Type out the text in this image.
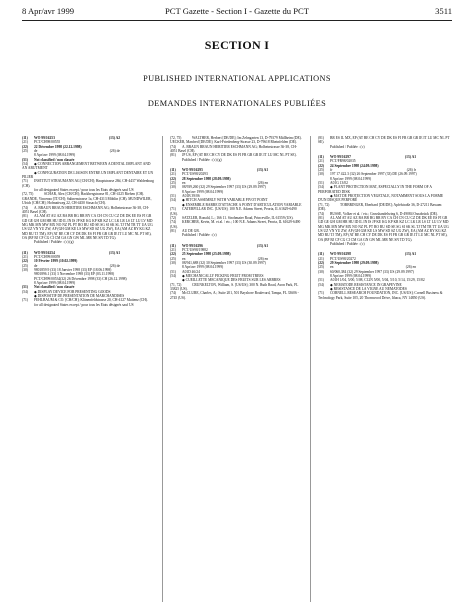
8 Apr/avr 1999	PCT Gazette - Section I - Gazette du PCT	3511
SECTION I
PUBLISHED INTERNATIONAL APPLICATIONS
DEMANDES INTERNATIONALES PUBLIÉES
(11)	(13) A2
WO 99/16253
(21) PCT/CH98/00555
(22) 22 Décembre 1998 (22.12.1998)
(25)	(26) de
de
8 Apr/avr 1999 (08.04.1999)
(51) Not classified / non classée
(54) ◆ CONNECTION ARRANGEMENT BETWEEN A DENTAL IMPLANT AND AN ABUTMENT
◆ CONFIGURATION DE LIAISON ENTRE UN IMPLANT DENTAIRE ET UN PILIER
(71) INSTITUT STRAUMANN AG [CH/CH]; Hauptstrasse 28d, CH-4437 Waldenburg (CH).
for all designated States except / pour tous les États désignés sauf US
(72, 75)	SCHÄR, Alex [CH/CH]; Hackbergstrasse 81, CH-4125 Riehen (CH). GRANDE, Vincenzo [IT/CH]; Salinenstrasse 1a, CH-4313 Möhlin (CH). MUNDWILER, Ulrich [CH/CH]; Hofmattweg 22, CH-4450 Sissach (CH).
(74) A. BRAUN BRAUN HERITIER ESCHMANN AG; Holbeinstrasse 36-38, CH-4051 Basel (CH).
(81) AL AM AT AU AZ BA BB BG BR BY CA CH CN CU CZ DE DK EE ES FI GB GD GE GH GM HR HU ID IL IN IS JP KE KG KP KR KZ LC LK LR LS LT LU LV MD MG MK MN MW MX NO NZ PL PT RO RU SD SE SG SI SK SL TJ TM TR TT UA UG US UZ VN YU ZW, AP (GH GM KE LS MW SD SZ UG ZW), EA (AM AZ BY KG KZ MD RU TJ TM), EP (AT BE CH CY DE DK ES FI FR GB GR IE IT LU MC NL PT SE), OA (BF BJ CF CG CI CM GA GN GW ML MR NE SN TD TG).
Published / Publiée : (c) (g)
(11)	(13) A1
WO 99/16254
(21) PCT/CH99/00059
(22) 10 Février 1999 (10.02.1999)
(25)	(26) de
de
(30) 9801859.9 (33) 18 Janvier 1998 (33) EP (18.06.1998)
9801896.1 (33) 3 Novembre 1998 (33) EP (03.11.1998)
PCT/CH99/00534(32) 26 Décembre 1998 (33) CH (26.12.1998)
8 Apr/avr 1999 (08.04.1999)
(51) Not classified / non classée
(54) ◆ DISPLAY DEVICE FOR PRESENTING GOODS
◆ DISPOSITIF DE PRÉSENTATION DE MARCHANDISES
(71) FEHLBAUM & CO. [CH/CH]; Klünenfeldstrasse 20, CH-4127 Muttenz (CH).
for all designated States except / pour tous les États désignés sauf US
(72, 75)	WALTHER, Herbert [DE/DE]; Im Zehngarten 13, D-79379 Müllheim (DE). UECKER, Manfred [DE/DE]; Karl-Friedenberg-Strasse 23, D-79618 Rheinfelden (DE).
(74) A. BRAUN BRAUN HERITIER ESCHMANN AG; Holbeinstrasse 36-38, CH-4051 Basel (CH).
(81) JP US, EP (AT BE CH CY DE DK ES FI FR GB GR IE IT LU MC NL PT SE).
Published / Publiée : (c) (g)
(11)	(13) A1
WO 99/16295
(21) PCT/US98/20293
(22) 28 Septembre 1998 (28.09.1998)
(25)	(26) en
en
(30) 08/939,260 (32) 29 September 1997 (33) US (29.09.1997)
8 Apr/avr 1999 (08.04.1999)
(51) A01B 39/06
(54) ◆ HITCH ASSEMBLY WITH VARIABLE PIVOT POINT
◆ ENSEMBLE BARRE D'ATTACHE À POINT D'ARTICULATION VARIABLE
(71) CATERPILLAR INC. [US/US]; 100 N.E. Adams Street, Peoria, IL 61629-6490 (US).
(72) SATZLER, Ronald, L.; 166 11. Strohmaier Road, Princeville, IL 61559 (US).
(74) KERCHER, Kevin, M. et al. / etc.; 100 N.E. Adams Street, Peoria, IL 61629-6490 (US).
(81) AU DE GB.
Published / Publiée : (c)
(11)	(13) A1
WO 99/16296
(21) PCT/US98/19882
(22) 25 Septembre 1998 (25.09.1998)
(25)	(26) en
en
(30) 08/941,688 (32) 30 September 1997 (33) US (30.09.1997)
8 Apr/avr 1999 (08.04.1999)
(51) A01D 46/24
(54) ◆ MECHANICALLY PICKING FRUIT FROM TREES
◆ CUEILLETTE MÉCANIQUE DES FRUITS SUR LES ARBRES
(71, 72)	CRUNKELTON, William, S. [US/US]; 300 N. Ruth Road, Avon Park, FL 33825 (US).
(74) McCLURE, Charles, A.; Suite 201, 501 Bayshore Boulevard, Tampa, FL 33606 - 2745 (US).
(81) BR ES IL MX, EP (AT BE CH CY DE DK ES FI FR GB GR IE IT LU MC NL PT SE).
Published / Publiée : (c)
(11)	(13) A1
WO 99/16297
(21) PCT/FR98/02035
(22) 24 Septembre 1998 (24.09.1998)
(25)	(26) fr
fr
(30) 197 17 422.3 (32) 26 September 1997 (33) DE (26.09.1997)
8 Apr/avr 1999 (08.04.1999)
(51) A01G 13/02
(54) ◆ PLANT PROTECTION MAT, ESPECIALLY IN THE FORM OF A PERFORATED DISK
◆ MAT DE PROTECTION VÉGÉTALE, NOTAMMENT SOUS LA FORME D'UN DISQUE PERFORÉ
(71, 72)	TÖBBRINGER, Eberhard [DE/DE]; Apfelstraße 36, D-27211 Bassum (DE).
(74) BUSSE, Volker et al. / etc.; Grosshandelsring 6, D-49084 Osnabrück (DE).
(81) AL AM AT AU AZ BA BB BG BR BY CA CH CN CU CZ DE DK EE ES FI GB GD GE GH GM HR HU ID IL IN IS JP KE KG KP KR KZ LC LK LR LS LT LU LV MD MG MK MN MW MX NO NZ PL PT RO RU SD SE SG SI SK SL TJ TM TR TT UA UG US UZ VN YU ZW, AP (GH GM KE LS MW SD SZ UG ZW), EA (AM AZ BY KG KZ MD RU TJ TM), EP (AT BE CH CY DE DK ES FI FR GB GR IE IT LU MC NL PT SE), OA (BF BJ CF CG CI CM GA GN GW ML MR NE SN TD TG).
Published / Publiée : (c)
(11)	(13) A1
WO 99/16298
(21) PCT/US98/20272
(22) 29 Septembre 1998 (29.09.1998)
(25)	(26) en
en
(30) 60/060,384 (32) 29 September 1997 (33) US (29.09.1997)
8 Apr/avr 1999 (08.04.1999)
(51) A01H 1/04, 5/00, 5/08, C12N 5/00, 5/04, 5/10, 5/14, 15/29, 15/82
(54) ◆ NEMATODE RESISTANCE IN GRAPEVINE
◆ RÉSISTANCE DE LA VIGNE AU NÉMATODES
(71) CORNELL RESEARCH FOUNDATION, INC. [US/US]; Cornell Business & Technology Park, Suite 105, 20 Thornwood Drive, Ithaca, NY 14850 (US).
